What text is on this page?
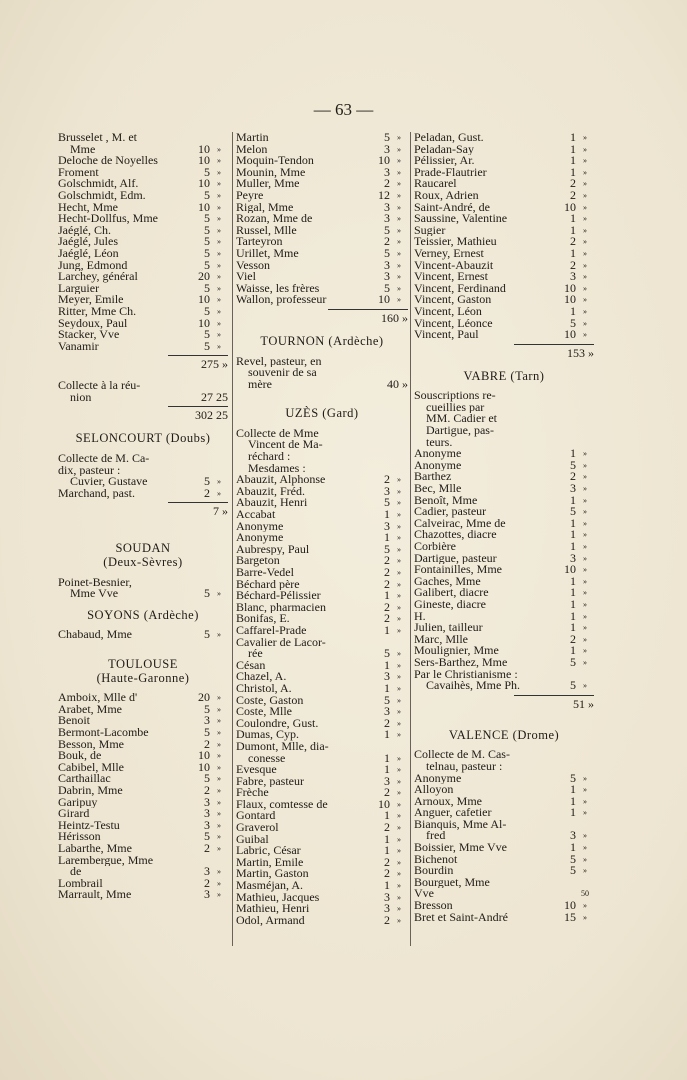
— 63 —
Brusselet , M. et
Mme	10 »
Deloche de Noyelles	10 »
Froment	5 »
Golschmidt, Alf.	10 »
Golschmidt, Edm.	5 »
Hecht, Mme	10 »
Hecht-Dollfus, Mme	5 »
Jaéglé, Ch.	5 »
Jaéglé, Jules	5 »
Jaéglé, Léon	5 »
Jung, Edmond	5 »
Larchey, général	20 »
Larguier	5 »
Meyer, Emile	10 »
Ritter, Mme Ch.	5 »
Seydoux, Paul	10 »
Stacker, Vve	5 »
Vanamir	5 »
275 »
Collecte à la réu-
nion	27 25
302 25
SELONCOURT (Doubs)
Collecte de M. Ca-
dix, pasteur :
Cuvier, Gustave	5 »
Marchand, past.	2 »
7 »
SOUDAN
(Deux-Sèvres)
Poinet-Besnier,
Mme Vve	5 »
SOYONS (Ardèche)
Chabaud, Mme	5 »
TOULOUSE
(Haute-Garonne)
Amboix, Mlle d'	20 »
Arabet, Mme	5 »
Benoit	3 »
Bermont-Lacombe	5 »
Besson, Mme	2 »
Bouk, de	10 »
Cabibel, Mlle	10 »
Carthaillac	5 »
Dabrin, Mme	2 »
Garipuy	3 »
Girard	3 »
Heintz-Testu	3 »
Hérisson	5 »
Labarthe, Mme	2 »
Larembergue, Mme
de	3 »
Lombrail	2 »
Marrault, Mme	3 »
Martin	5 »
Melon	3 »
Moquin-Tendon	10 »
Mounin, Mme	3 »
Muller, Mme	2 »
Peyre	12 »
Rigal, Mme	3 »
Rozan, Mme de	3 »
Russel, Mlle	5 »
Tarteyron	2 »
Urillet, Mme	5 »
Vesson	3 »
Viel	3 »
Waisse, les frères	5 »
Wallon, professeur	10 »
160 »
TOURNON (Ardèche)
Revel, pasteur, en
souvenir de sa
mère	40 »
UZÈS (Gard)
Collecte de Mme
Vincent de Ma-
réchard :
Mesdames :
Abauzit, Alphonse	2 »
Abauzit, Fréd.	3 »
Abauzit, Henri	5 »
Accabat	1 »
Anonyme	3 »
Anonyme	1 »
Aubrespy, Paul	5 »
Bargeton	2 »
Barre-Vedel	2 »
Béchard père	2 »
Béchard-Pélissier	1 »
Blanc, pharmacien	2 »
Bonifas, E.	2 »
Caffarel-Prade	1 »
Cavalier de Lacor-
rée	5 »
Césan	1 »
Chazel, A.	3 »
Christol, A.	1 »
Coste, Gaston	5 »
Coste, Mlle	3 »
Coulondre, Gust.	2 »
Dumas, Cyp.	1 »
Dumont, Mlle, dia-
conesse	1 »
Evesque	1 »
Fabre, pasteur	3 »
Frèche	2 »
Flaux, comtesse de	10 »
Gontard	1 »
Graverol	2 »
Guibal	1 »
Labric, César	1 »
Martin, Emile	2 »
Martin, Gaston	2 »
Masméjan, A.	1 »
Mathieu, Jacques	3 »
Mathieu, Henri	3 »
Odol, Armand	2 »
Peladan, Gust.	1 »
Peladan-Say	1 »
Pélissier, Ar.	1 »
Prade-Flautrier	1 »
Raucarel	2 »
Roux, Adrien	2 »
Saint-André, de	10 »
Saussine, Valentine	1 »
Sugier	1 »
Teissier, Mathieu	2 »
Verney, Ernest	1 »
Vincent-Abauzit	2 »
Vincent, Ernest	3 »
Vincent, Ferdinand	10 »
Vincent, Gaston	10 »
Vincent, Léon	1 »
Vincent, Léonce	5 »
Vincent, Paul	10 »
153 »
VABRE (Tarn)
Souscriptions re-
cueillies par
MM. Cadier et
Dartigue, pas-
teurs.
Anonyme	1 »
Anonyme	5 »
Barthez	2 »
Bec, Mlle	3 »
Benoît, Mme	1 »
Cadier, pasteur	5 »
Calveirac, Mme de	1 »
Chazottes, diacre	1 »
Corbière	1 »
Dartigue, pasteur	3 »
Fontainilles, Mme	10 »
Gaches, Mme	1 »
Galibert, diacre	1 »
Gineste, diacre	1 »
H.	1 »
Julien, tailleur	1 »
Marc, Mlle	2 »
Moulignier, Mme	1 »
Sers-Barthez, Mme	5 »
Par le Christianisme :
Cavaihès, Mme Ph.	5 »
51 »
VALENCE (Drome)
Collecte de M. Cas-
telnau, pasteur :
Anonyme	5 »
Alloyon	1 »
Arnoux, Mme	1 »
Anguer, cafetier	1 »
Bianquis, Mme Al-
fred	3 »
Boissier, Mme Vve	1 »
Bichenot	5 »
Bourdin	5 »
Bourguet, Mme
Vve	50
Bresson	10 »
Bret et Saint-André	15 »
